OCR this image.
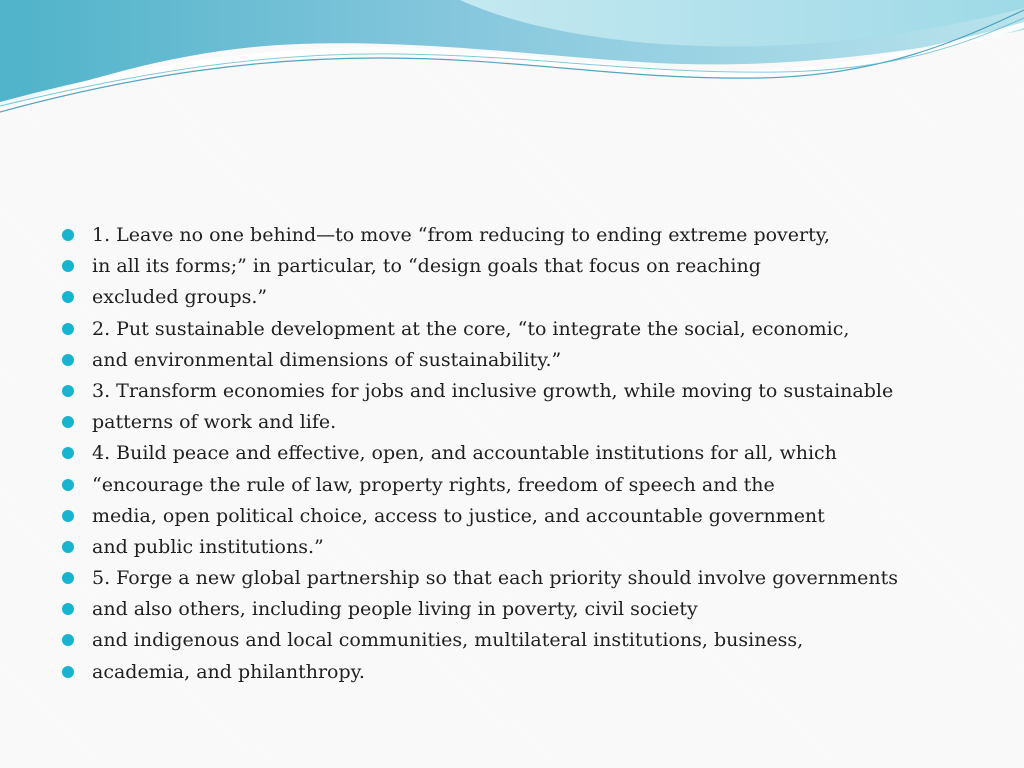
1. Leave no one behind—to move “from reducing to ending extreme poverty,
in all its forms;” in particular, to “design goals that focus on reaching
excluded groups.”
2. Put sustainable development at the core, “to integrate the social, economic,
and environmental dimensions of sustainability.”
3. Transform economies for jobs and inclusive growth, while moving to sustainable
patterns of work and life.
4. Build peace and effective, open, and accountable institutions for all, which
“encourage the rule of law, property rights, freedom of speech and the
media, open political choice, access to justice, and accountable government
and public institutions.”
5. Forge a new global partnership so that each priority should involve governments
and also others, including people living in poverty, civil society
and indigenous and local communities, multilateral institutions, business,
academia, and philanthropy.
